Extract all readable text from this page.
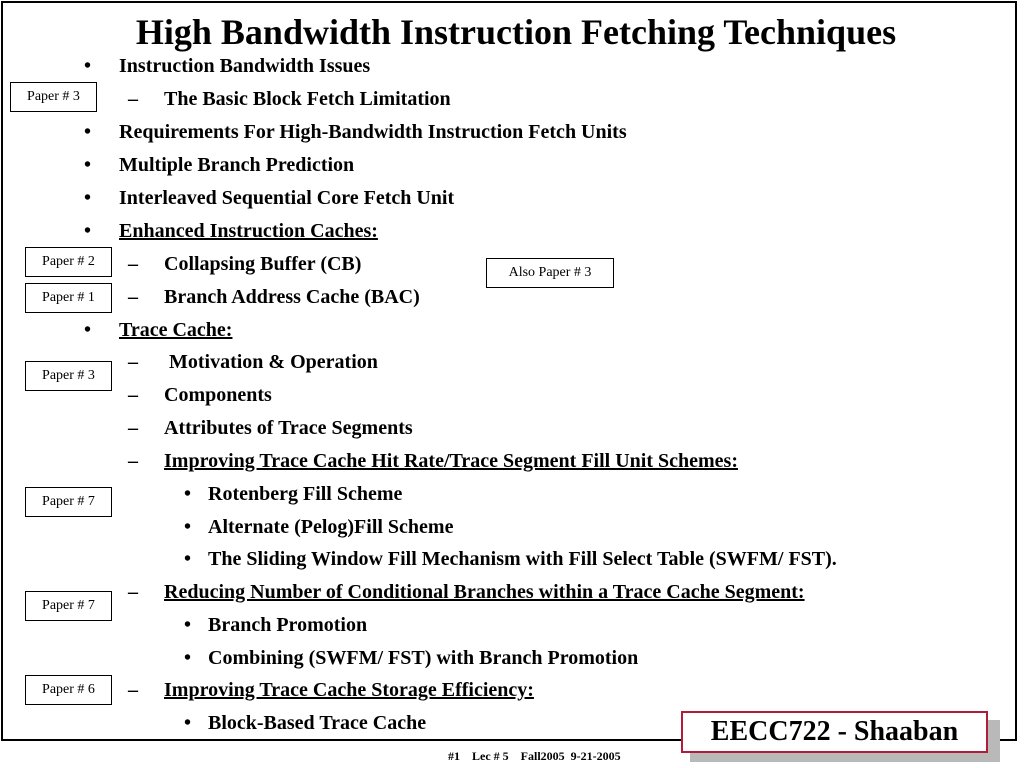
High Bandwidth Instruction Fetching Techniques
• Instruction Bandwidth Issues
– The Basic Block Fetch Limitation
• Requirements For High-Bandwidth Instruction Fetch Units
• Multiple Branch Prediction
• Interleaved Sequential Core Fetch Unit
• Enhanced Instruction Caches:
– Collapsing Buffer (CB)
– Branch Address Cache (BAC)
• Trace Cache:
– Motivation & Operation
– Components
– Attributes of Trace Segments
– Improving Trace Cache Hit Rate/Trace Segment Fill Unit Schemes:
• Rotenberg Fill Scheme
• Alternate (Pelog)Fill Scheme
• The Sliding Window Fill Mechanism with Fill Select Table (SWFM/ FST).
– Reducing Number of Conditional Branches within a Trace Cache Segment:
• Branch Promotion
• Combining (SWFM/ FST) with Branch Promotion
– Improving Trace Cache Storage Efficiency:
• Block-Based Trace Cache
Paper # 3
Paper # 2
Also Paper # 3
Paper # 1
Paper # 3
Paper # 7
Paper # 7
Paper # 6
EECC722 - Shaaban
#1    Lec # 5    Fall2005  9-21-2005
